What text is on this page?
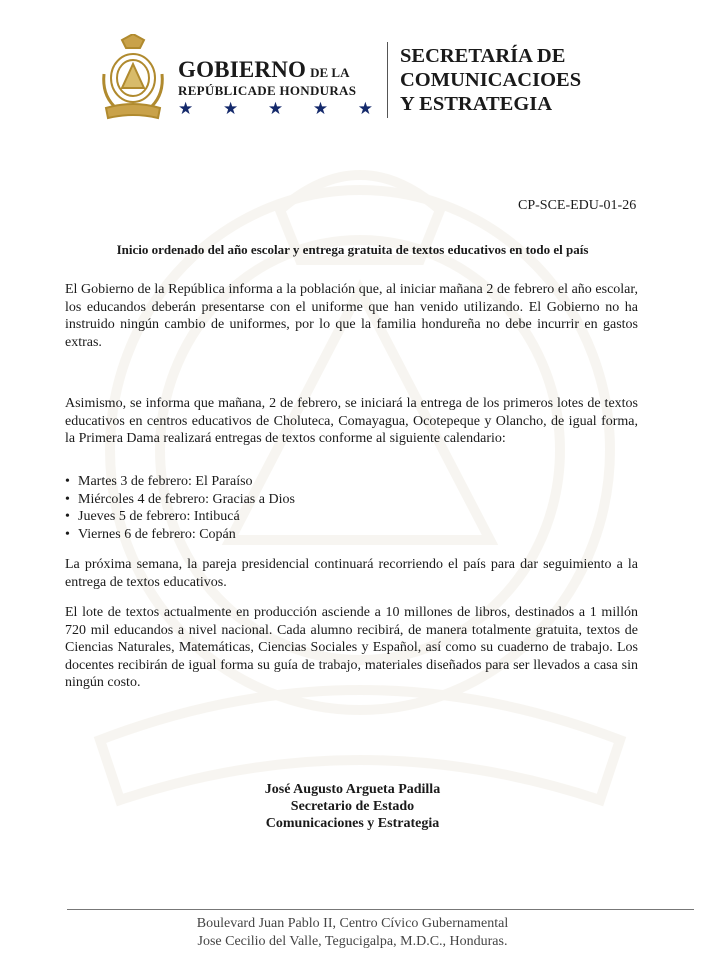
GOBIERNO DE LA
REPÚBLICADE HONDURAS
★ ★ ★ ★ ★
SECRETARÍA DE
COMUNICACIOES
Y ESTRATEGIA
CP-SCE-EDU-01-26
Inicio ordenado del año escolar y entrega gratuita de textos educativos en todo el país
El Gobierno de la República informa a la población que, al iniciar mañana 2 de febrero el año escolar, los educandos deberán presentarse con el uniforme que han venido utilizando. El Gobierno no ha instruido ningún cambio de uniformes, por lo que la familia hondureña no debe incurrir en gastos extras.
Asimismo, se informa que mañana, 2 de febrero, se iniciará la entrega de los primeros lotes de textos educativos en centros educativos de Choluteca, Comayagua, Ocotepeque y Olancho, de igual forma, la Primera Dama realizará entregas de textos conforme al siguiente calendario:
• Martes 3 de febrero: El Paraíso
• Miércoles 4 de febrero: Gracias a Dios
• Jueves 5 de febrero: Intibucá
• Viernes 6 de febrero: Copán
La próxima semana, la pareja presidencial continuará recorriendo el país para dar seguimiento a la entrega de textos educativos.
El lote de textos actualmente en producción asciende a 10 millones de libros, destinados a 1 millón 720 mil educandos a nivel nacional. Cada alumno recibirá, de manera totalmente gratuita, textos de Ciencias Naturales, Matemáticas, Ciencias Sociales y Español, así como su cuaderno de trabajo. Los docentes recibirán de igual forma su guía de trabajo, materiales diseñados para ser llevados a casa sin ningún costo.
José Augusto Argueta Padilla
Secretario de Estado
Comunicaciones y Estrategia
Boulevard Juan Pablo II, Centro Cívico Gubernamental
Jose Cecilio del Valle, Tegucigalpa, M.D.C., Honduras.
